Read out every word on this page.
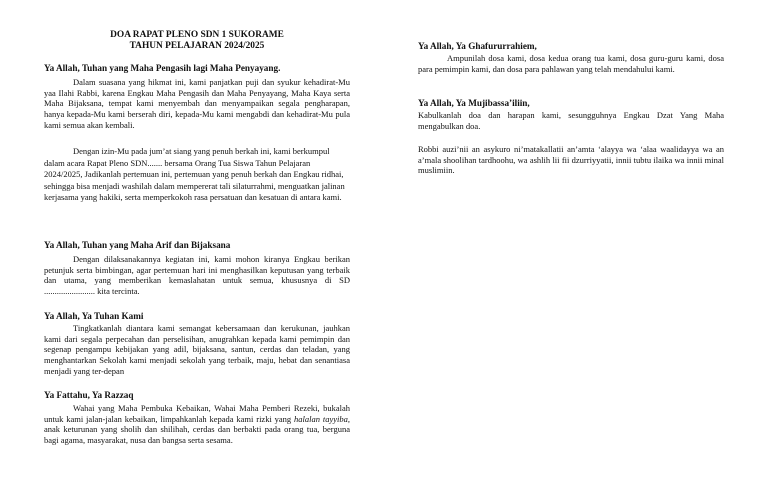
DOA RAPAT PLENO SDN 1 SUKORAME
TAHUN PELAJARAN 2024/2025
Ya Allah, Tuhan yang Maha Pengasih lagi Maha Penyayang.
Dalam suasana yang hikmat ini, kami panjatkan puji dan syukur kehadirat-Mu yaa Ilahi Rabbi, karena Engkau Maha Pengasih dan Maha Penyayang, Maha Kaya serta Maha Bijaksana, tempat kami menyembah dan menyampaikan segala pengharapan, hanya kepada-Mu kami berserah diri, kepada-Mu kami mengabdi dan kehadirat-Mu pula kami semua akan kembali.
Dengan izin-Mu pada jum’at siang yang penuh berkah ini, kami berkumpul dalam acara Rapat Pleno SDN....... bersama Orang Tua Siswa Tahun Pelajaran 2024/2025, Jadikanlah pertemuan ini, pertemuan yang penuh berkah dan Engkau ridhai, sehingga bisa menjadi washilah dalam mempererat tali silaturrahmi, menguatkan jalinan kerjasama yang hakiki, serta memperkokoh rasa persatuan dan kesatuan di antara kami.
Ya Allah, Tuhan yang Maha Arif dan Bijaksana
Dengan dilaksanakannya kegiatan ini, kami mohon kiranya Engkau berikan petunjuk serta bimbingan, agar pertemuan hari ini menghasilkan keputusan yang terbaik dan utama, yang memberikan kemaslahatan untuk semua, khususnya di SD ........................ kita tercinta.
Ya Allah, Ya Tuhan Kami
Tingkatkanlah diantara kami semangat kebersamaan dan kerukunan, jauhkan kami dari segala perpecahan dan perselisihan, anugrahkan kepada kami pemimpin dan segenap pengampu kebijakan yang adil, bijaksana, santun, cerdas dan teladan, yang menghantarkan Sekolah kami menjadi sekolah yang terbaik, maju, hebat dan senantiasa menjadi yang ter-depan
Ya Fattahu, Ya Razzaq
Wahai yang Maha Pembuka Kebaikan, Wahai Maha Pemberi Rezeki, bukalah untuk kami jalan-jalan kebaikan, limpahkanlah kepada kami rizki yang halalan tayyiba, anak keturunan yang sholih dan shilihah, cerdas dan berbakti pada orang tua, berguna bagi agama, masyarakat, nusa dan bangsa serta sesama.
Ya Allah, Ya Ghafururrahiem,
Ampunilah dosa kami, dosa kedua orang tua kami, dosa guru-guru kami, dosa para pemimpin kami, dan dosa para pahlawan yang telah mendahului kami.
Ya Allah, Ya Mujibassa’iliin,
Kabulkanlah doa dan harapan kami, sesungguhnya Engkau Dzat Yang Maha mengabulkan doa.
Robbi auzi’nii an asykuro ni’matakallatii an’amta ‘alayya wa ‘alaa waalidayya wa an a’mala shoolihan tardhoohu, wa ashlih lii fii dzurriyyatii, innii tubtu ilaika wa innii minal muslimiin.
